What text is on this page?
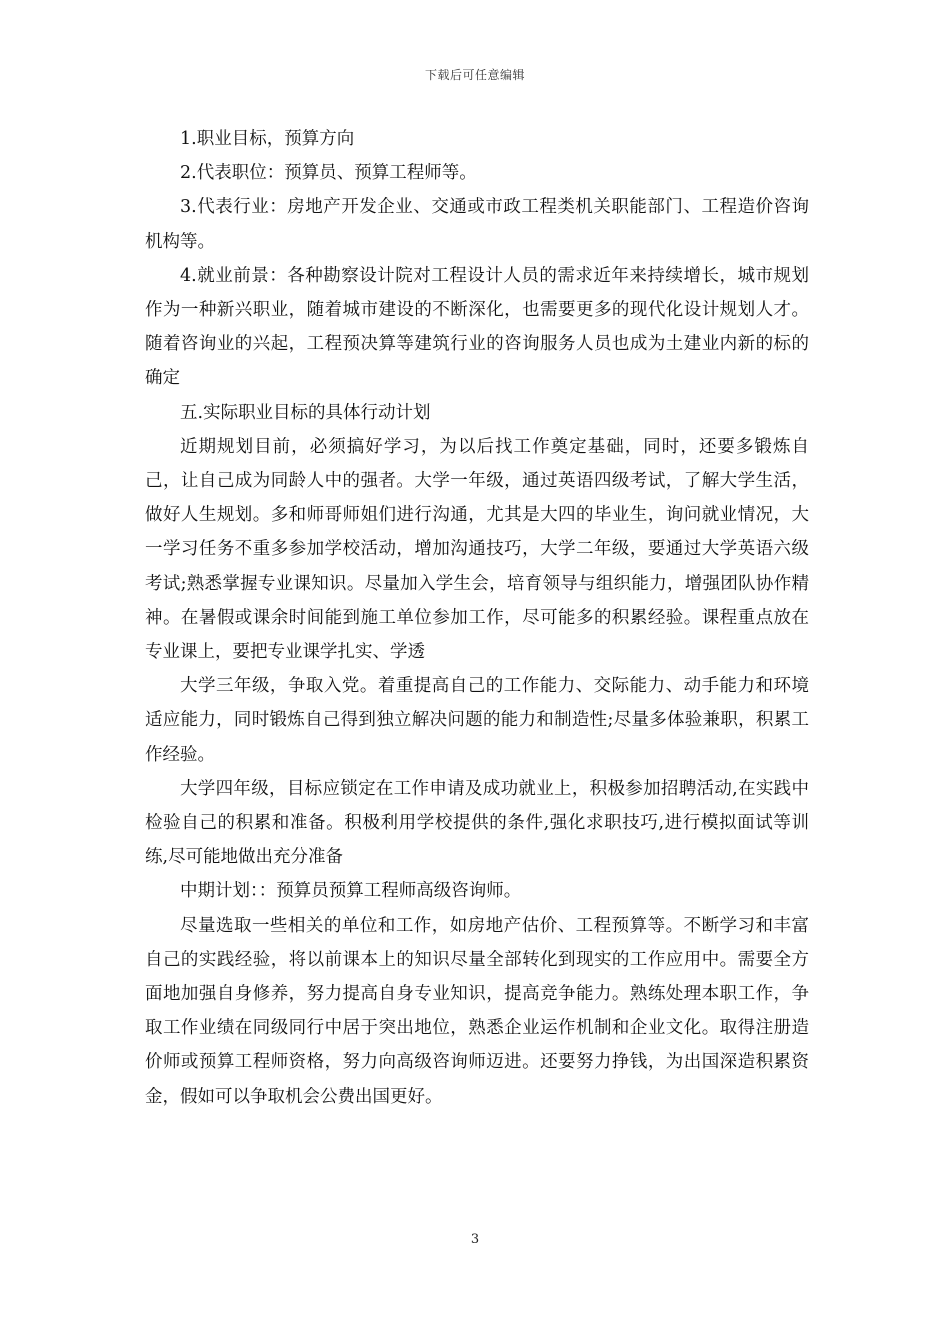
下载后可任意编辑

1.职业目标，预算方向

2.代表职位：预算员、预算工程师等。

3.代表行业：房地产开发企业、交通或市政工程类机关职能部门、工程造价咨询机构等。

4.就业前景：各种勘察设计院对工程设计人员的需求近年来持续增长，城市规划作为一种新兴职业，随着城市建设的不断深化，也需要更多的现代化设计规划人才。随着咨询业的兴起，工程预决算等建筑行业的咨询服务人员也成为土建业内新的标的确定

五.实际职业目标的具体行动计划

近期规划目前，必须搞好学习，为以后找工作奠定基础，同时，还要多锻炼自己，让自己成为同龄人中的强者。大学一年级，通过英语四级考试，了解大学生活，做好人生规划。多和师哥师姐们进行沟通，尤其是大四的毕业生，询问就业情况，大一学习任务不重多参加学校活动，增加沟通技巧，大学二年级，要通过大学英语六级考试;熟悉掌握专业课知识。尽量加入学生会，培育领导与组织能力，增强团队协作精神。在暑假或课余时间能到施工单位参加工作，尽可能多的积累经验。课程重点放在专业课上，要把专业课学扎实、学透

大学三年级，争取入党。着重提高自己的工作能力、交际能力、动手能力和环境适应能力，同时锻炼自己得到独立解决问题的能力和制造性;尽量多体验兼职，积累工作经验。

大学四年级，目标应锁定在工作申请及成功就业上，积极参加招聘活动,在实践中检验自己的积累和准备。积极利用学校提供的条件,强化求职技巧,进行模拟面试等训练,尽可能地做出充分准备

中期计划：：预算员预算工程师高级咨询师。

尽量选取一些相关的单位和工作，如房地产估价、工程预算等。不断学习和丰富自己的实践经验，将以前课本上的知识尽量全部转化到现实的工作应用中。需要全方面地加强自身修养，努力提高自身专业知识，提高竞争能力。熟练处理本职工作，争取工作业绩在同级同行中居于突出地位，熟悉企业运作机制和企业文化。取得注册造价师或预算工程师资格，努力向高级咨询师迈进。还要努力挣钱，为出国深造积累资金，假如可以争取机会公费出国更好。

3
